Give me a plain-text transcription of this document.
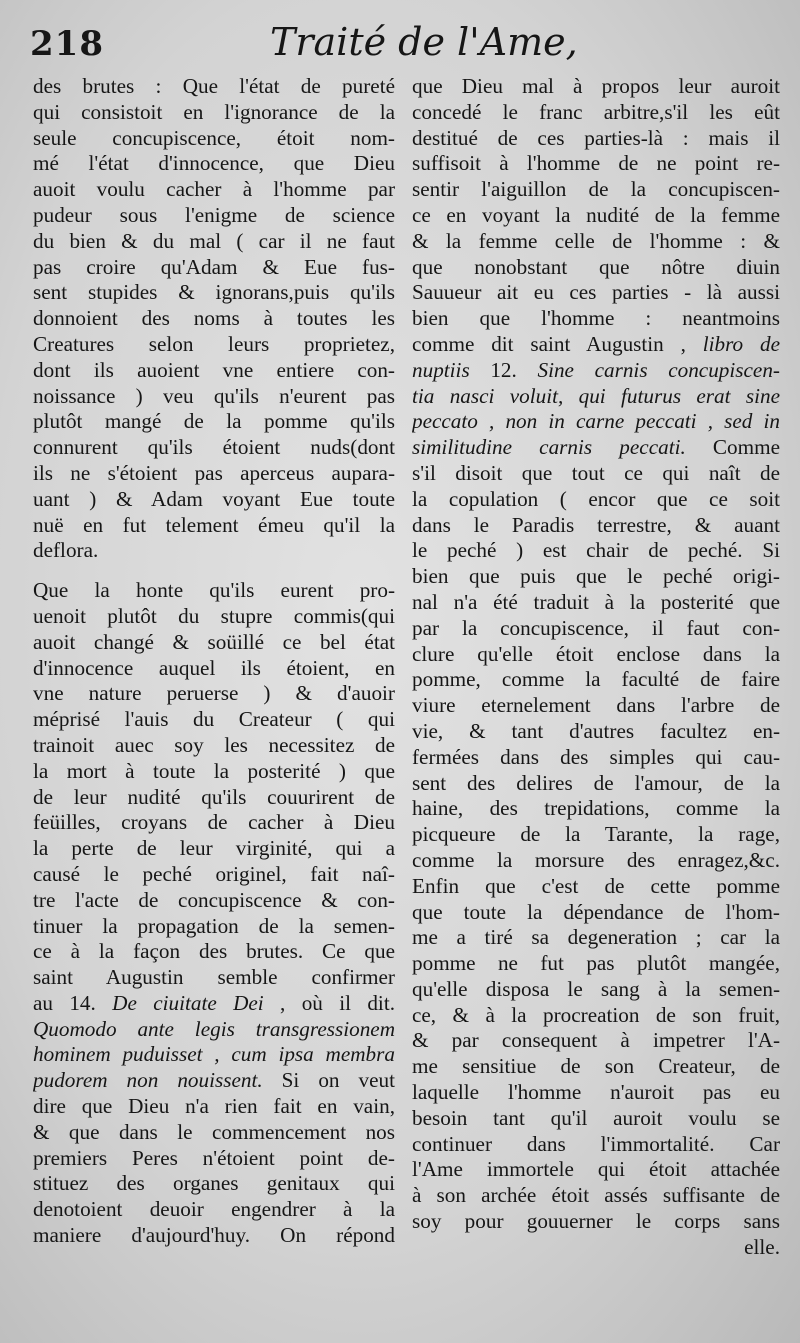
218	Traité de l'Ame,
des brutes : Que l'état de pureté
qui consistoit en l'ignorance de la
seule concupiscence, étoit nom-
mé l'état d'innocence, que Dieu
auoit voulu cacher à l'homme par
pudeur sous l'enigme de science
du bien & du mal ( car il ne faut
pas croire qu'Adam & Eue fus-
sent stupides & ignorans,puis qu'ils
donnoient des noms à toutes les
Creatures selon leurs proprietez,
dont ils auoient vne entiere con-
noissance ) veu qu'ils n'eurent pas
plutôt mangé de la pomme qu'ils
connurent qu'ils étoient nuds(dont
ils ne s'étoient pas aperceus aupara-
uant ) & Adam voyant Eue toute
nuë en fut telement émeu qu'il la
deflora.
Que la honte qu'ils eurent pro-
uenoit plutôt du stupre commis(qui
auoit changé & soüillé ce bel état
d'innocence auquel ils étoient, en
vne nature peruerse ) & d'auoir
méprisé l'auis du Createur ( qui
trainoit auec soy les necessitez de
la mort à toute la posterité ) que
de leur nudité qu'ils couurirent de
feüilles, croyans de cacher à Dieu
la perte de leur virginité, qui a
causé le peché originel, fait naî-
tre l'acte de concupiscence & con-
tinuer la propagation de la semen-
ce à la façon des brutes. Ce que
saint Augustin semble confirmer
au 14. De ciuitate Dei , où il dit.
Quomodo ante legis transgressionem
hominem puduisset , cum ipsa membra
pudorem non nouissent. Si on veut
dire que Dieu n'a rien fait en vain,
& que dans le commencement nos
premiers Peres n'étoient point de-
stituez des organes genitaux qui
denotoient deuoir engendrer à la
maniere d'aujourd'huy. On répond
que Dieu mal à propos leur auroit
concedé le franc arbitre,s'il les eût
destitué de ces parties-là : mais il
suffisoit à l'homme de ne point re-
sentir l'aiguillon de la concupiscen-
ce en voyant la nudité de la femme
& la femme celle de l'homme : &
que nonobstant que nôtre diuin
Sauueur ait eu ces parties - là aussi
bien que l'homme : neantmoins
comme dit saint Augustin , libro de
nuptiis 12. Sine carnis concupiscen-
tia nasci voluit, qui futurus erat sine
peccato , non in carne peccati , sed in
similitudine carnis peccati. Comme
s'il disoit que tout ce qui naît de
la copulation ( encor que ce soit
dans le Paradis terrestre, & auant
le peché ) est chair de peché. Si
bien que puis que le peché origi-
nal n'a été traduit à la posterité que
par la concupiscence, il faut con-
clure qu'elle étoit enclose dans la
pomme, comme la faculté de faire
viure eternelement dans l'arbre de
vie, & tant d'autres facultez en-
fermées dans des simples qui cau-
sent des delires de l'amour, de la
haine, des trepidations, comme la
picqueure de la Tarante, la rage,
comme la morsure des enragez,&c.
Enfin que c'est de cette pomme
que toute la dépendance de l'hom-
me a tiré sa degeneration ; car la
pomme ne fut pas plutôt mangée,
qu'elle disposa le sang à la semen-
ce, & à la procreation de son fruit,
& par consequent à impetrer l'A-
me sensitiue de son Createur, de
laquelle l'homme n'auroit pas eu
besoin tant qu'il auroit voulu se
continuer dans l'immortalité. Car
l'Ame immortele qui étoit attachée
à son archée étoit assés suffisante de
soy pour gouuerner le corps sans
elle.
